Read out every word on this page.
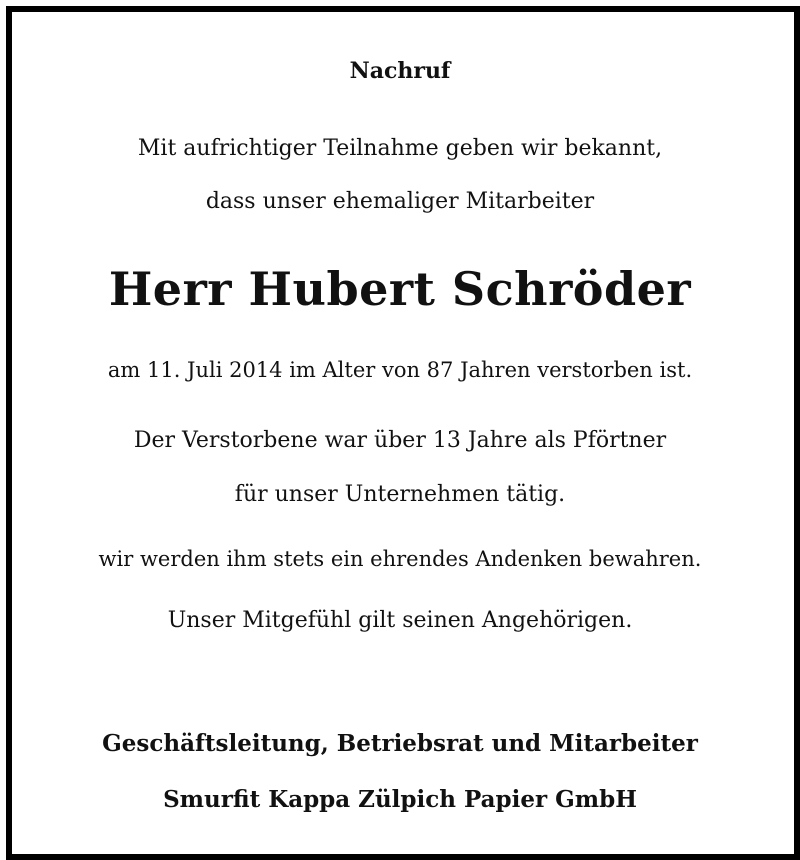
Nachruf
Mit aufrichtiger Teilnahme geben wir bekannt,
dass unser ehemaliger Mitarbeiter
Herr Hubert Schröder
am 11. Juli 2014 im Alter von 87 Jahren verstorben ist.
Der Verstorbene war über 13 Jahre als Pförtner
für unser Unternehmen tätig.
wir werden ihm stets ein ehrendes Andenken bewahren.
Unser Mitgefühl gilt seinen Angehörigen.
Geschäftsleitung, Betriebsrat und Mitarbeiter
Smurfit Kappa Zülpich Papier GmbH
